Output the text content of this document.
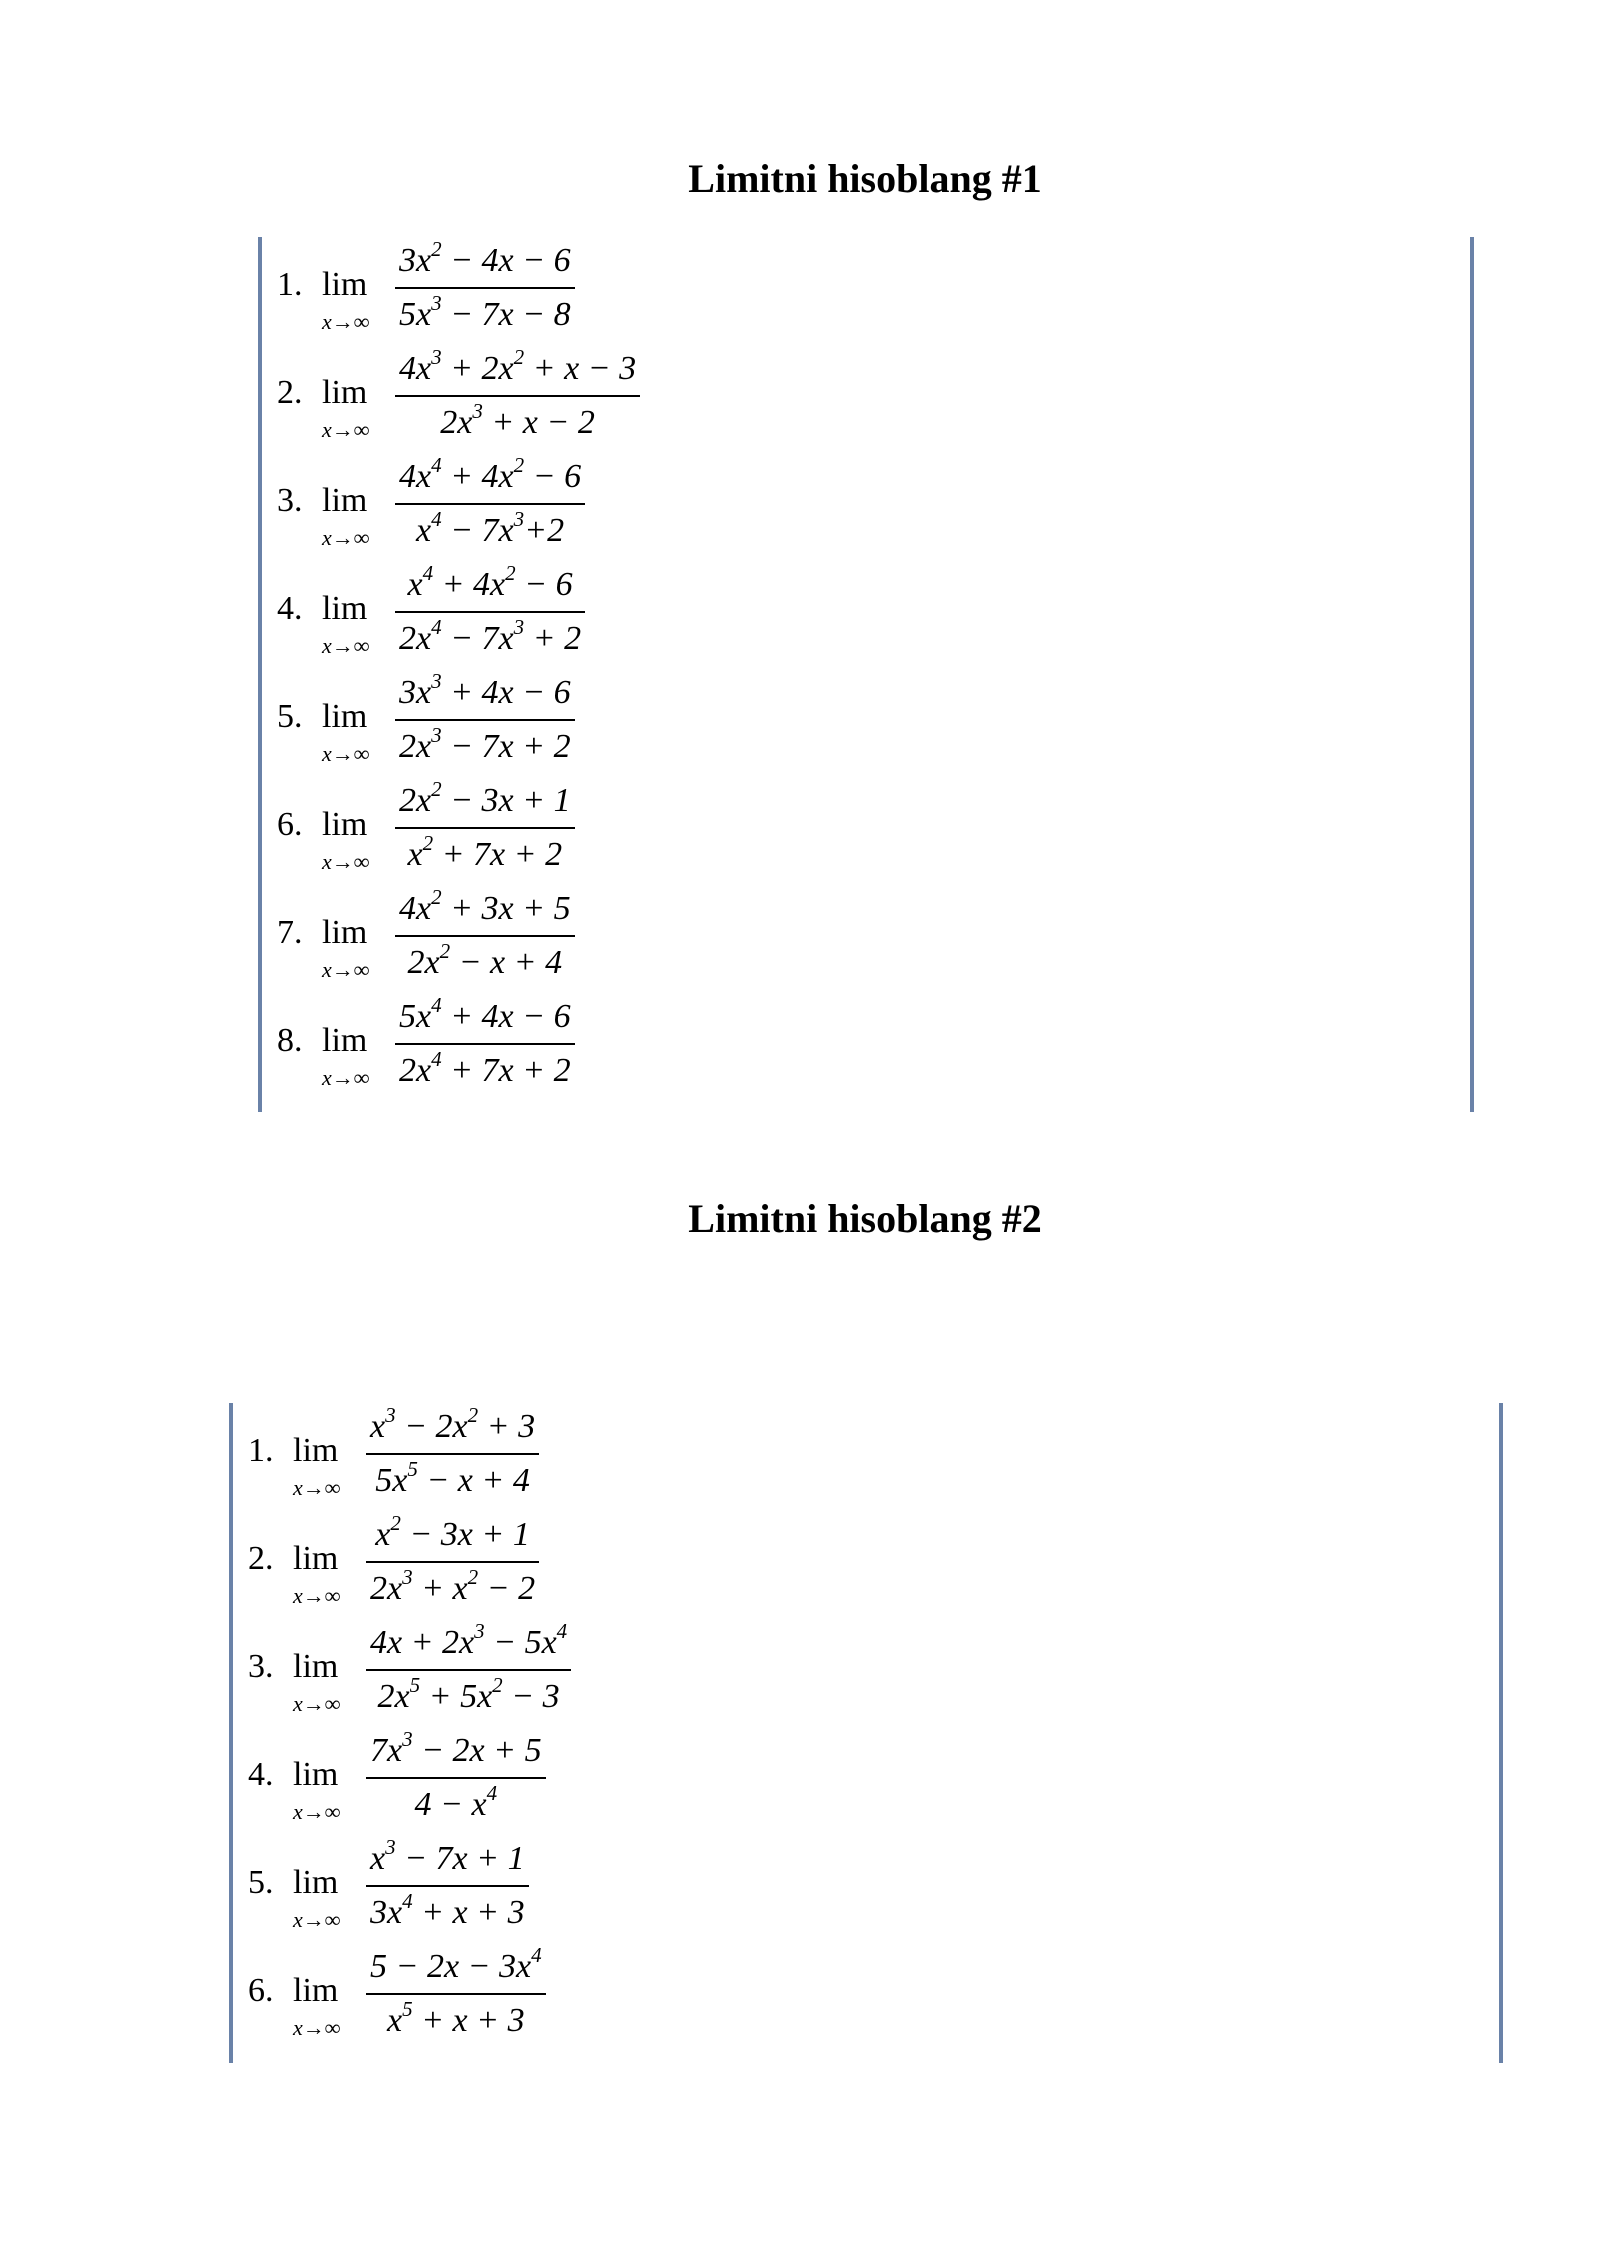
Limitni hisoblang #1
1. lim
$x\to\infty \frac{3x^2 - 4x - 6}{5x^3 - 7x - 8}$
2. lim
$x\to\infty \frac{4x^3 + 2x^2 + x - 3}{2x^3 + x - 2}$
3. lim
$x\to\infty \frac{4x^4 + 4x^2 - 6}{x^4 - 7x^3+2}$
4. lim
$x\to\infty \frac{x^4 + 4x^2 - 6}{2x^4 - 7x^3 + 2}$
5. lim
$x\to\infty \frac{3x^3 + 4x - 6}{2x^3 - 7x + 2}$
6. lim
$x\to\infty \frac{2x^2 - 3x + 1}{x^2 + 7x + 2}$
7. lim
$x\to\infty \frac{4x^2 + 3x + 5}{2x^2 - x + 4}$
8. lim
$x\to\infty \frac{5x^4 + 4x - 6}{2x^4 + 7x + 2}$
Limitni hisoblang #2
1. lim
$x\to\infty \frac{x^3 - 2x^2 + 3}{5x^5 - x + 4}$
2. lim
$x\to\infty \frac{x^2 - 3x + 1}{2x^3 + x^2 - 2}$
3. lim
$x\to\infty \frac{4x + 2x^3 - 5x^4}{2x^5 + 5x^2 - 3}$
4. lim
$x\to\infty \frac{7x^3 - 2x + 5}{4 - x^4}$
5. lim
$x\to\infty \frac{x^3 - 7x + 1}{3x^4 + x + 3}$
6. lim
$x\to\infty \frac{5 - 2x - 3x^4}{x^5 + x + 3}$
